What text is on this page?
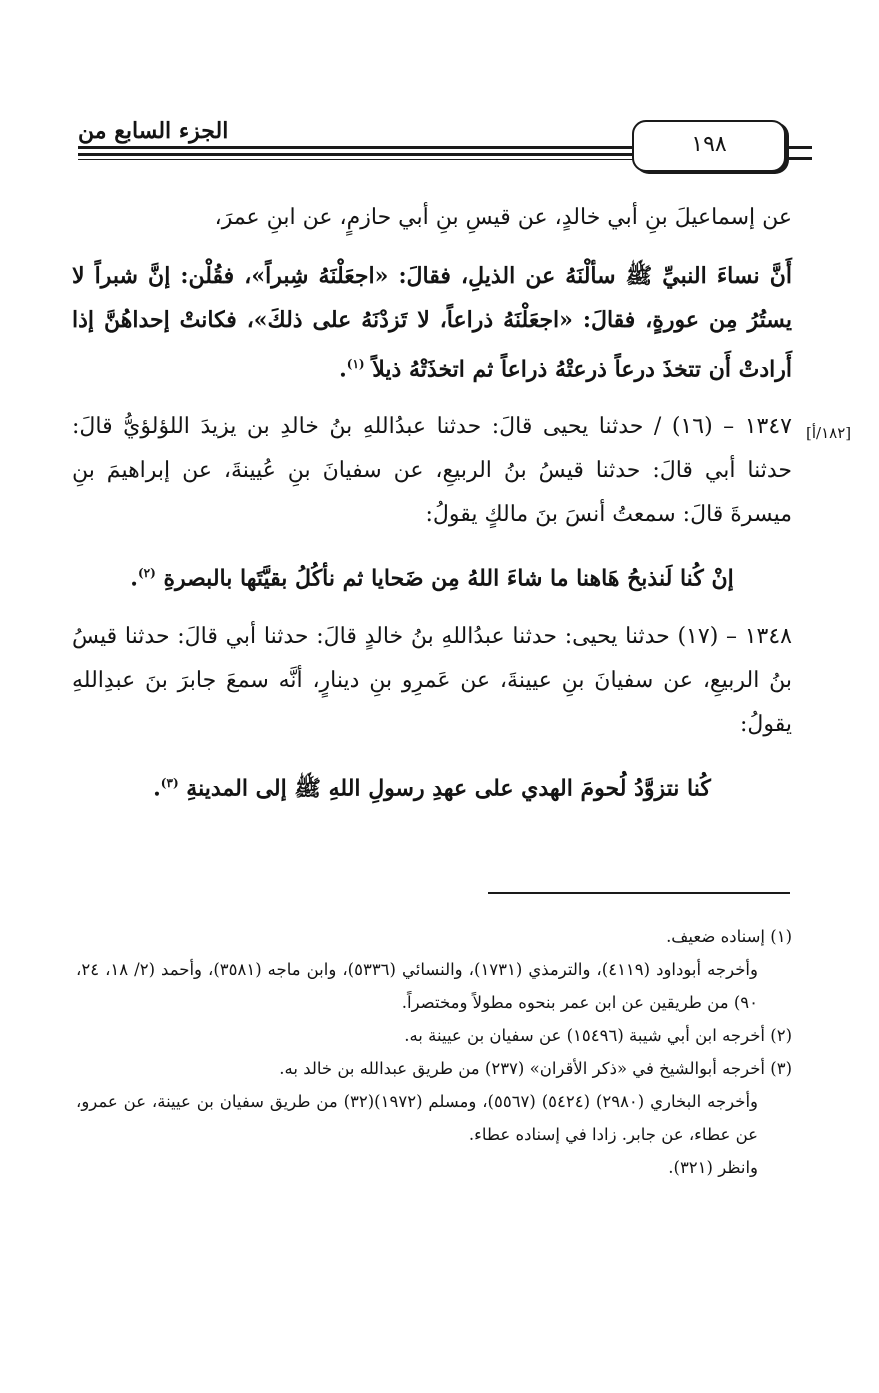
الجزء السابع من
١٩٨
[١٨٢/أ]

عن إسماعيلَ بنِ أبي خالدٍ، عن قيسِ بنِ أبي حازمٍ، عن ابنِ عمرَ،

أَنَّ نساءَ النبيِّ ﷺ سألْنَهُ عن الذيلِ، فقالَ: «اجعَلْنَهُ شِبراً»، فقُلْن: إنَّ شبراً لا يستُرُ مِن عورةٍ، فقالَ: «اجعَلْنَهُ ذراعاً، لا تَزدْنَهُ على ذلكَ»، فكانتْ إحداهُنَّ إذا أَرادتْ أَن تتخذَ درعاً ذرعتْهُ ذراعاً ثم اتخذَتْهُ ذيلاً $^{(١)}$.

١٣٤٧ – (١٦) / حدثنا يحيى قالَ: حدثنا عبدُاللهِ بنُ خالدِ بن يزيدَ اللؤلؤيُّ قالَ: حدثنا أبي قالَ: حدثنا قيسُ بنُ الربيعِ، عن سفيانَ بنِ عُيينةَ، عن إبراهيمَ بنِ ميسرةَ قالَ: سمعتُ أنسَ بنَ مالكٍ يقولُ:

إنْ كُنا لَنذبحُ هَاهنا ما شاءَ اللهُ مِن ضَحايا ثم نأكُلُ بقيَّتَها بالبصرةِ $^{(٢)}$.

١٣٤٨ – (١٧) حدثنا يحيى: حدثنا عبدُاللهِ بنُ خالدٍ قالَ: حدثنا أبي قالَ: حدثنا قيسُ بنُ الربيعِ، عن سفيانَ بنِ عيينةَ، عن عَمرِو بنِ دينارٍ، أنَّه سمعَ جابرَ بنَ عبدِاللهِ يقولُ:

كُنا نتزوَّدُ لُحومَ الهدي على عهدِ رسولِ اللهِ ﷺ إلى المدينةِ $^{(٣)}$.

(١) إسناده ضعيف.

وأخرجه أبوداود (٤١١٩)، والترمذي (١٧٣١)، والنسائي (٥٣٣٦)، وابن ماجه (٣٥٨١)، وأحمد (٢/ ١٨، ٢٤، ٩٠) من طريقين عن ابن عمر بنحوه مطولاً ومختصراً.

(٢) أخرجه ابن أبي شيبة (١٥٤٩٦) عن سفيان بن عيينة به.

(٣) أخرجه أبوالشيخ في «ذكر الأقران» (٢٣٧) من طريق عبدالله بن خالد به.

وأخرجه البخاري (٢٩٨٠) (٥٤٢٤) (٥٥٦٧)، ومسلم (١٩٧٢)(٣٢) من طريق سفيان بن عيينة، عن عمرو، عن عطاء، عن جابر. زادا في إسناده عطاء.

وانظر (٣٢١).
